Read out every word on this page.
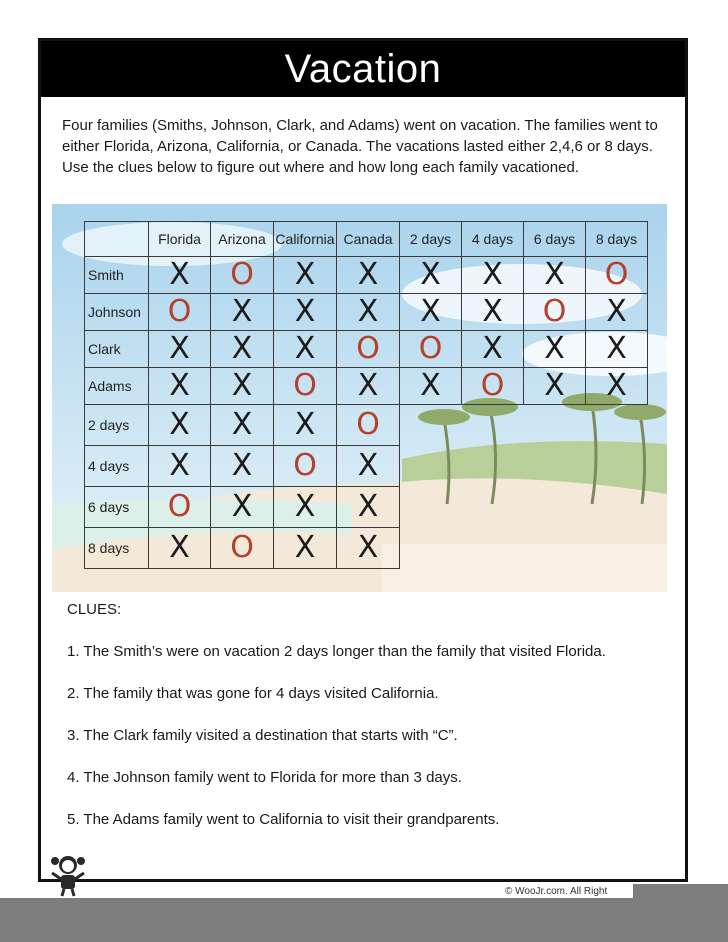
Vacation
Four families (Smiths, Johnson, Clark, and Adams) went on vacation. The families went to either Florida, Arizona, California, or Canada. The vacations lasted either 2,4,6 or 8 days. Use the clues below to figure out where and how long each family vacationed.
	Florida	Arizona	California	Canada	2 days	4 days	6 days	8 days
Smith	X	O	X	X	X	X	X	O
Johnson	O	X	X	X	X	X	O	X
Clark	X	X	X	O	O	X	X	X
Adams	X	X	O	X	X	O	X	X
2 days	X	X	X	O				
4 days	X	X	O	X				
6 days	O	X	X	X				
8 days	X	O	X	X				
CLUES:
1. The Smith’s were on vacation 2 days longer than the family that visited Florida.
2. The family that was gone for 4 days visited California.
3. The Clark family visited a destination that starts with “C”.
4. The Johnson family went to Florida for more than 3 days.
5. The Adams family went to California to visit their grandparents.
© WooJr.com. All Right
